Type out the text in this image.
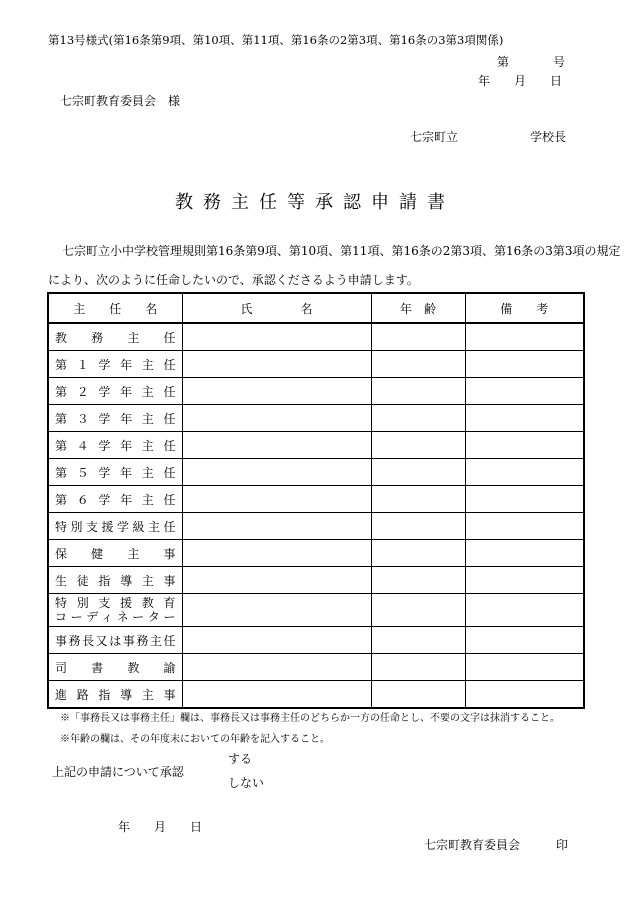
第13号様式(第16条第9項、第10項、第11項、第16条の2第3項、第16条の3第3項関係)
第	号
年　　月　　日
七宗町教育委員会　様
七宗町立　　　　　　学校長
教務主任等承認申請書
七宗町立小中学校管理規則第16条第9項、第10項、第11項、第16条の2第3項、第16条の3第3項の規定
により、次のように任命したいので、承認くださるよう申請します。
主　　任　　名	氏　　　　名	年　齢	備　　考
教務主任			
第１学年主任			
第２学年主任			
第３学年主任			
第４学年主任			
第５学年主任			
第６学年主任			
特別支援学級主任			
保健主事			
生徒指導主事			

特別支援教育
コーディネーター			

事務長又は事務主任			
司書教諭			
進路指導主事			
※「事務長又は事務主任」欄は、事務長又は事務主任のどちらか一方の任命とし、不要の文字は抹消すること。
※年齢の欄は、その年度末においての年齢を記入すること。
上記の申請について承認
する
しない
年　　月　　日
七宗町教育委員会　　　印
